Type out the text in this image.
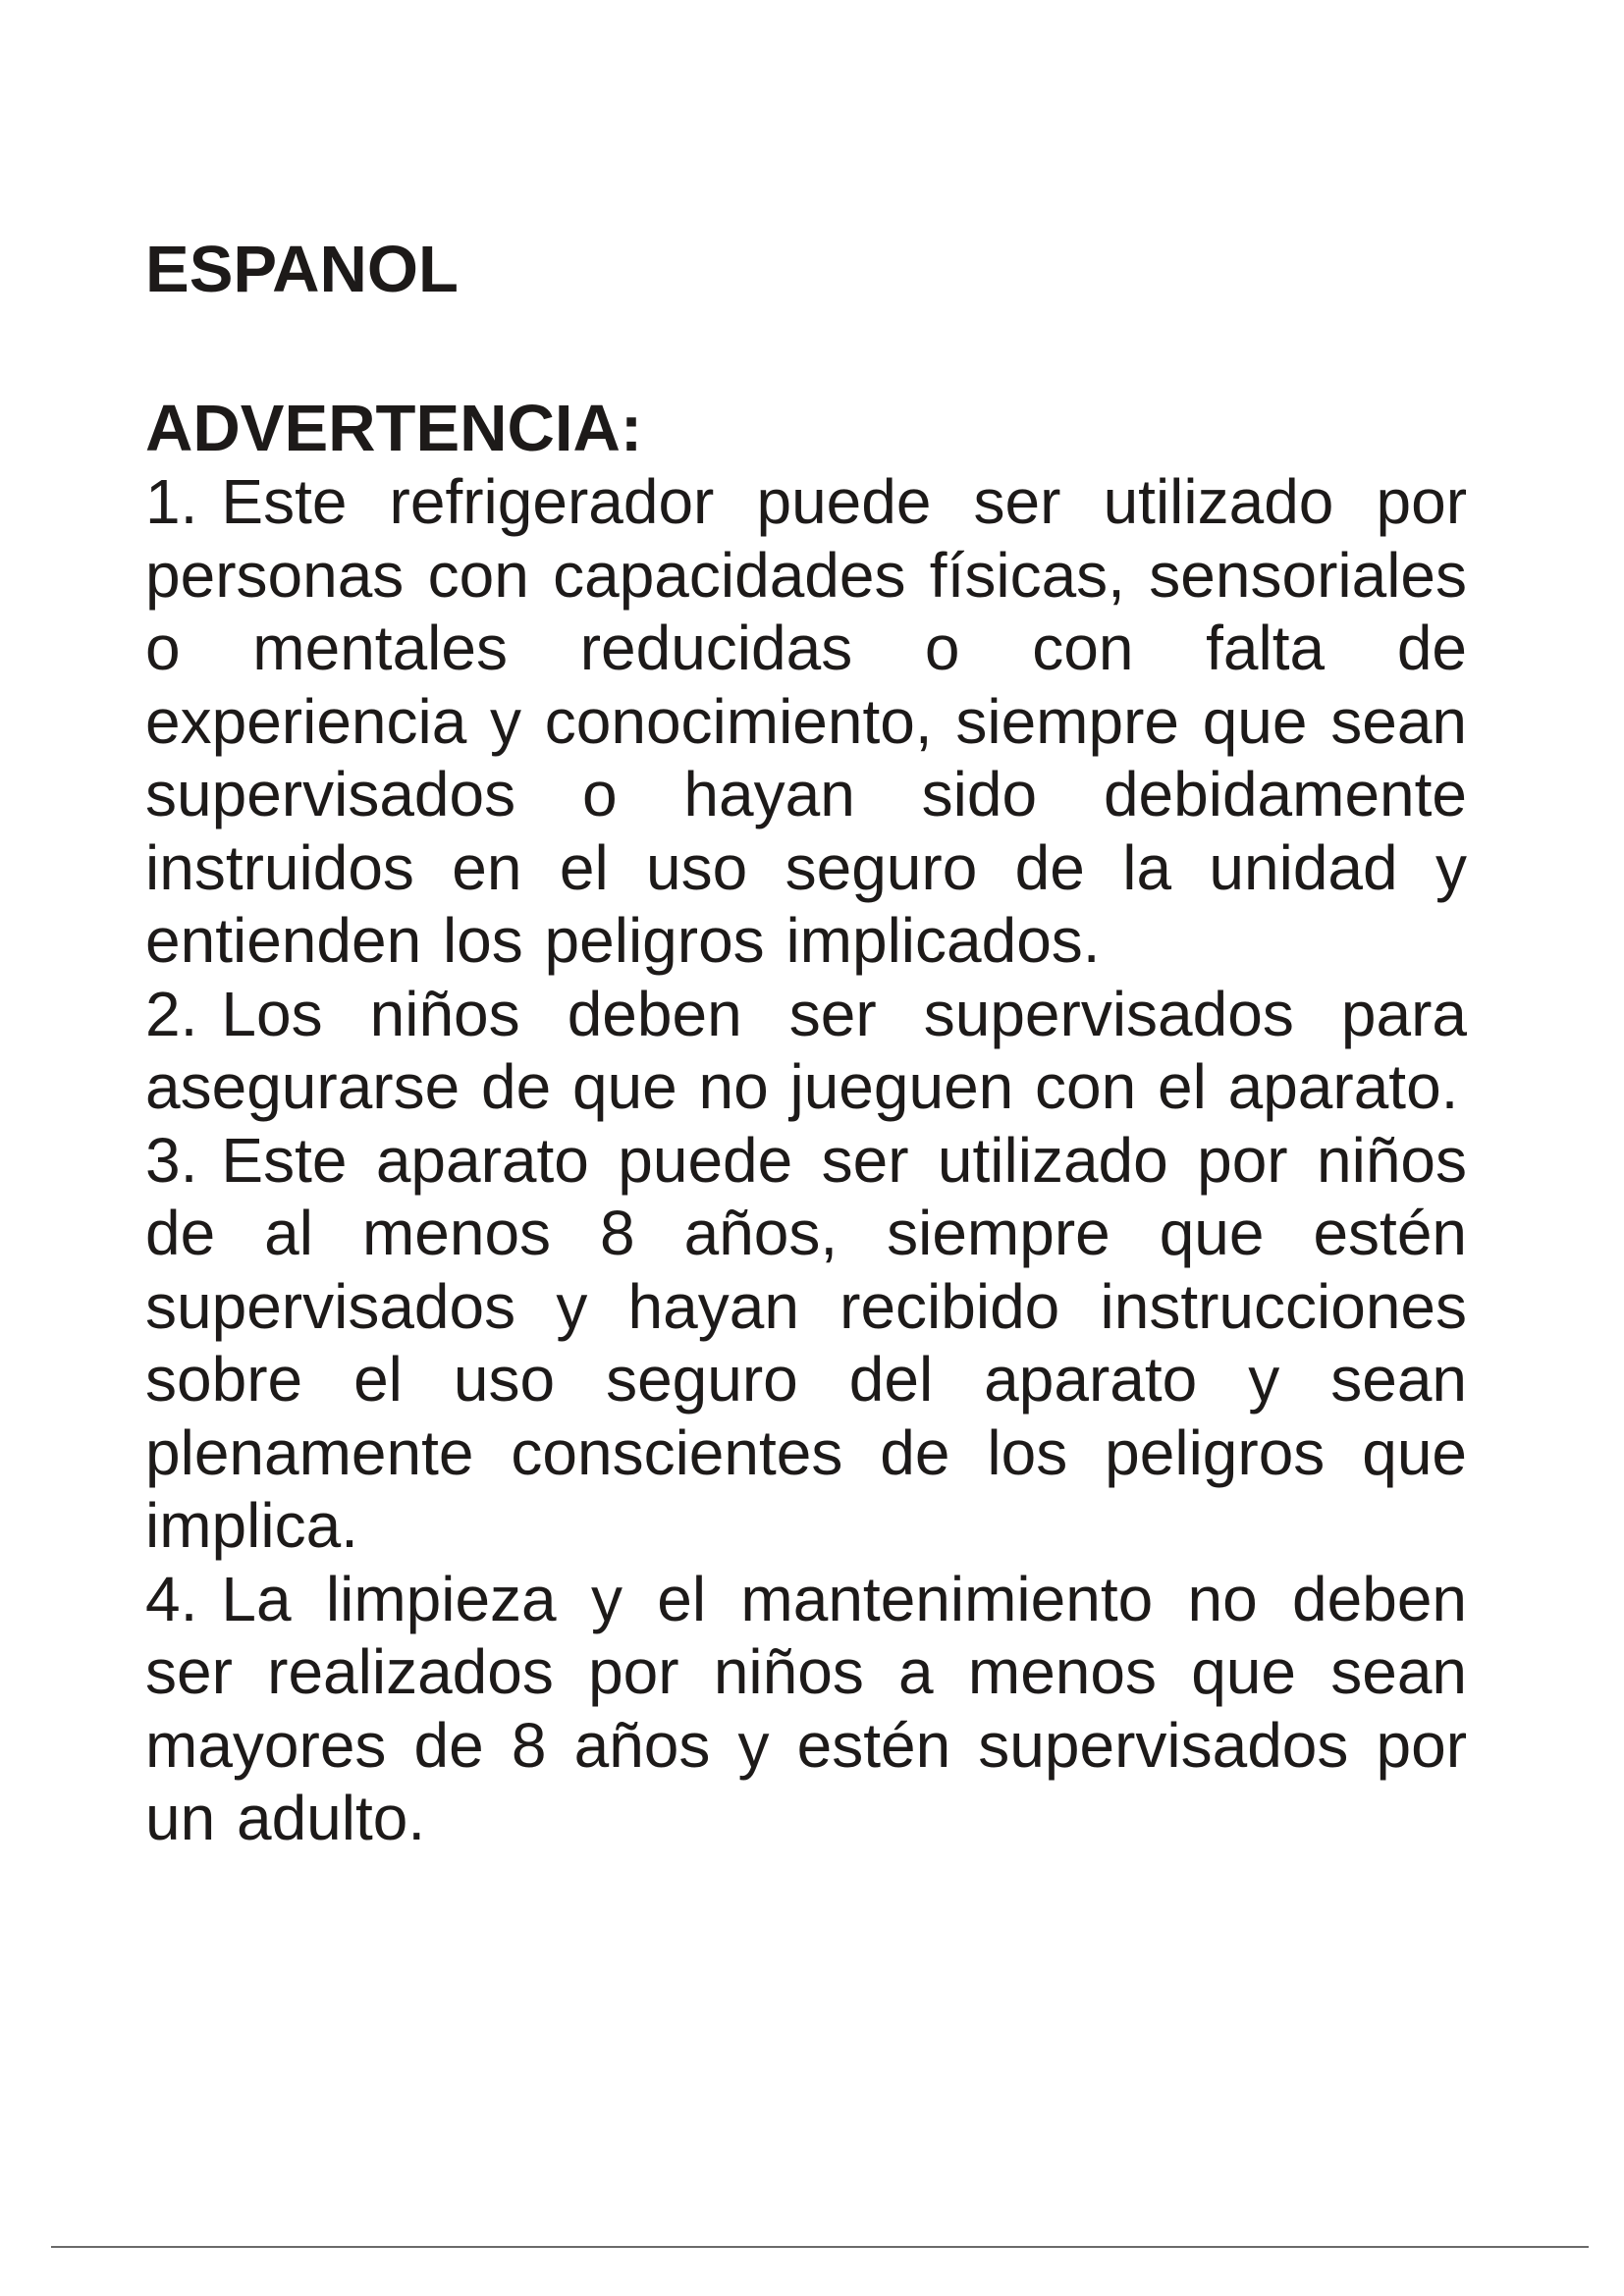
ESPANOL
ADVERTENCIA:

1. Este refrigerador puede ser utilizado por personas con capacidades físicas, sensoriales o mentales reducidas o con falta de experiencia y conocimiento, siempre que sean supervisados o hayan sido debidamente instruidos en el uso seguro de la unidad y entienden los peligros implicados.

2. Los niños deben ser supervisados para asegurarse de que no jueguen con el aparato.

3. Este aparato puede ser utilizado por niños de al menos 8 años, siempre que estén supervisados y hayan recibido instrucciones sobre el uso seguro del aparato y sean plenamente conscientes de los peligros que implica.

4. La limpieza y el mantenimiento no deben ser realizados por niños a menos que sean mayores de 8 años y estén supervisados por un adulto.
